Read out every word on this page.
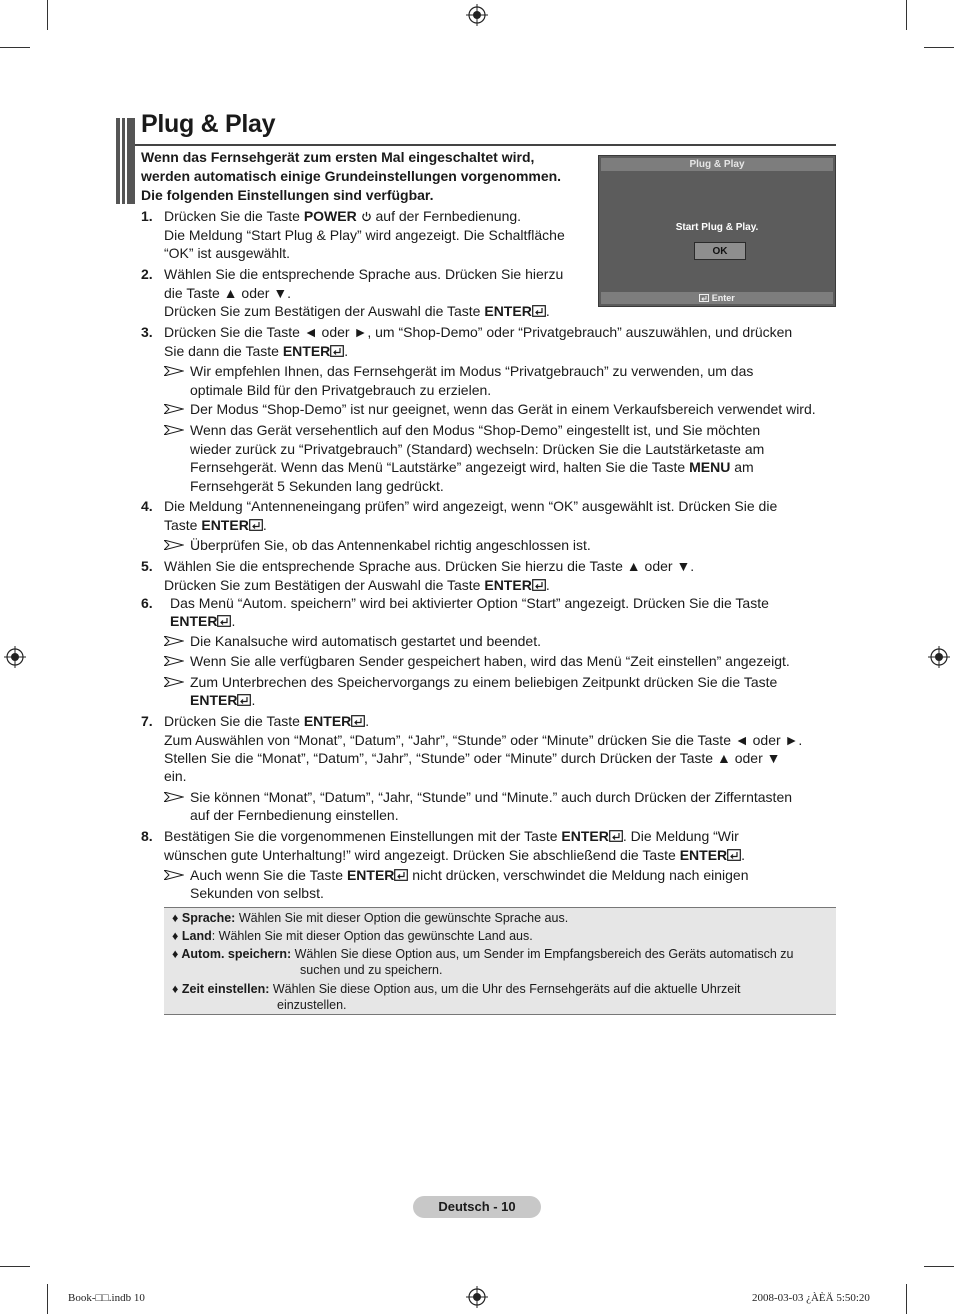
Plug & Play

Wenn das Fernsehgerät zum ersten Mal eingeschaltet wird,
werden automatisch einige Grundeinstellungen vorgenommen.
Die folgenden Einstellungen sind verfügbar.

Plug & Play
Start Plug & Play.
OK
Enter
1. Drücken Sie die Taste POWER  auf der Fernbedienung.

Die Meldung “Start Plug & Play” wird angezeigt. Die Schaltfläche

“OK” ist ausgewählt.

2. Wählen Sie die entsprechende Sprache aus. Drücken Sie hierzu

die Taste ▲ oder ▼.

Drücken Sie zum Bestätigen der Auswahl die Taste ENTER .

3. Drücken Sie die Taste ◄ oder ►, um “Shop-Demo” oder “Privatgebrauch” auszuwählen, und drücken

Sie dann die Taste ENTER .

Wir empfehlen Ihnen, das Fernsehgerät im Modus “Privatgebrauch” zu verwenden, um das

optimale Bild für den Privatgebrauch zu erzielen.

Der Modus “Shop-Demo” ist nur geeignet, wenn das Gerät in einem Verkaufsbereich verwendet wird.

Wenn das Gerät versehentlich auf den Modus “Shop-Demo” eingestellt ist, und Sie möchten

wieder zurück zu “Privatgebrauch” (Standard) wechseln: Drücken Sie die Lautstärketaste am

Fernsehgerät. Wenn das Menü “Lautstärke” angezeigt wird, halten Sie die Taste MENU am

Fernsehgerät 5 Sekunden lang gedrückt.

4. Die Meldung “Antenneneingang prüfen” wird angezeigt, wenn “OK” ausgewählt ist. Drücken Sie die

Taste ENTER .

Überprüfen Sie, ob das Antennenkabel richtig angeschlossen ist.

5. Wählen Sie die entsprechende Sprache aus. Drücken Sie hierzu die Taste ▲ oder ▼.

Drücken Sie zum Bestätigen der Auswahl die Taste ENTER .

6. Das Menü “Autom. speichern” wird bei aktivierter Option “Start” angezeigt. Drücken Sie die Taste

ENTER .

Die Kanalsuche wird automatisch gestartet und beendet.

Wenn Sie alle verfügbaren Sender gespeichert haben, wird das Menü “Zeit einstellen” angezeigt.

Zum Unterbrechen des Speichervorgangs zu einem beliebigen Zeitpunkt drücken Sie die Taste

ENTER .

7. Drücken Sie die Taste ENTER .

Zum Auswählen von “Monat”, “Datum”, “Jahr”, “Stunde” oder “Minute” drücken Sie die Taste ◄ oder ►.

Stellen Sie die “Monat”, “Datum”, “Jahr”, “Stunde” oder “Minute” durch Drücken der Taste ▲ oder ▼

ein.

Sie können “Monat”, “Datum”, “Jahr, “Stunde” und “Minute.” auch durch Drücken der Zifferntasten

auf der Fernbedienung einstellen.

8. Bestätigen Sie die vorgenommenen Einstellungen mit der Taste ENTER . Die Meldung “Wir

wünschen gute Unterhaltung!” wird angezeigt. Drücken Sie abschließend die Taste ENTER .

Auch wenn Sie die Taste ENTER nicht drücken, verschwindet die Meldung nach einigen

Sekunden von selbst.

♦ Sprache: Wählen Sie mit dieser Option die gewünschte Sprache aus.
♦ Land: Wählen Sie mit dieser Option das gewünschte Land aus.
♦ Autom. speichern: Wählen Sie diese Option aus, um Sender im Empfangsbereich des Geräts automatisch zu
suchen und zu speichern.
♦ Zeit einstellen: Wählen Sie diese Option aus, um die Uhr des Fernsehgeräts auf die aktuelle Uhrzeit
einzustellen.
Deutsch - 10
Book-□□.indb 10	2008-03-03 ¿ÀÈÄ 5:50:20
